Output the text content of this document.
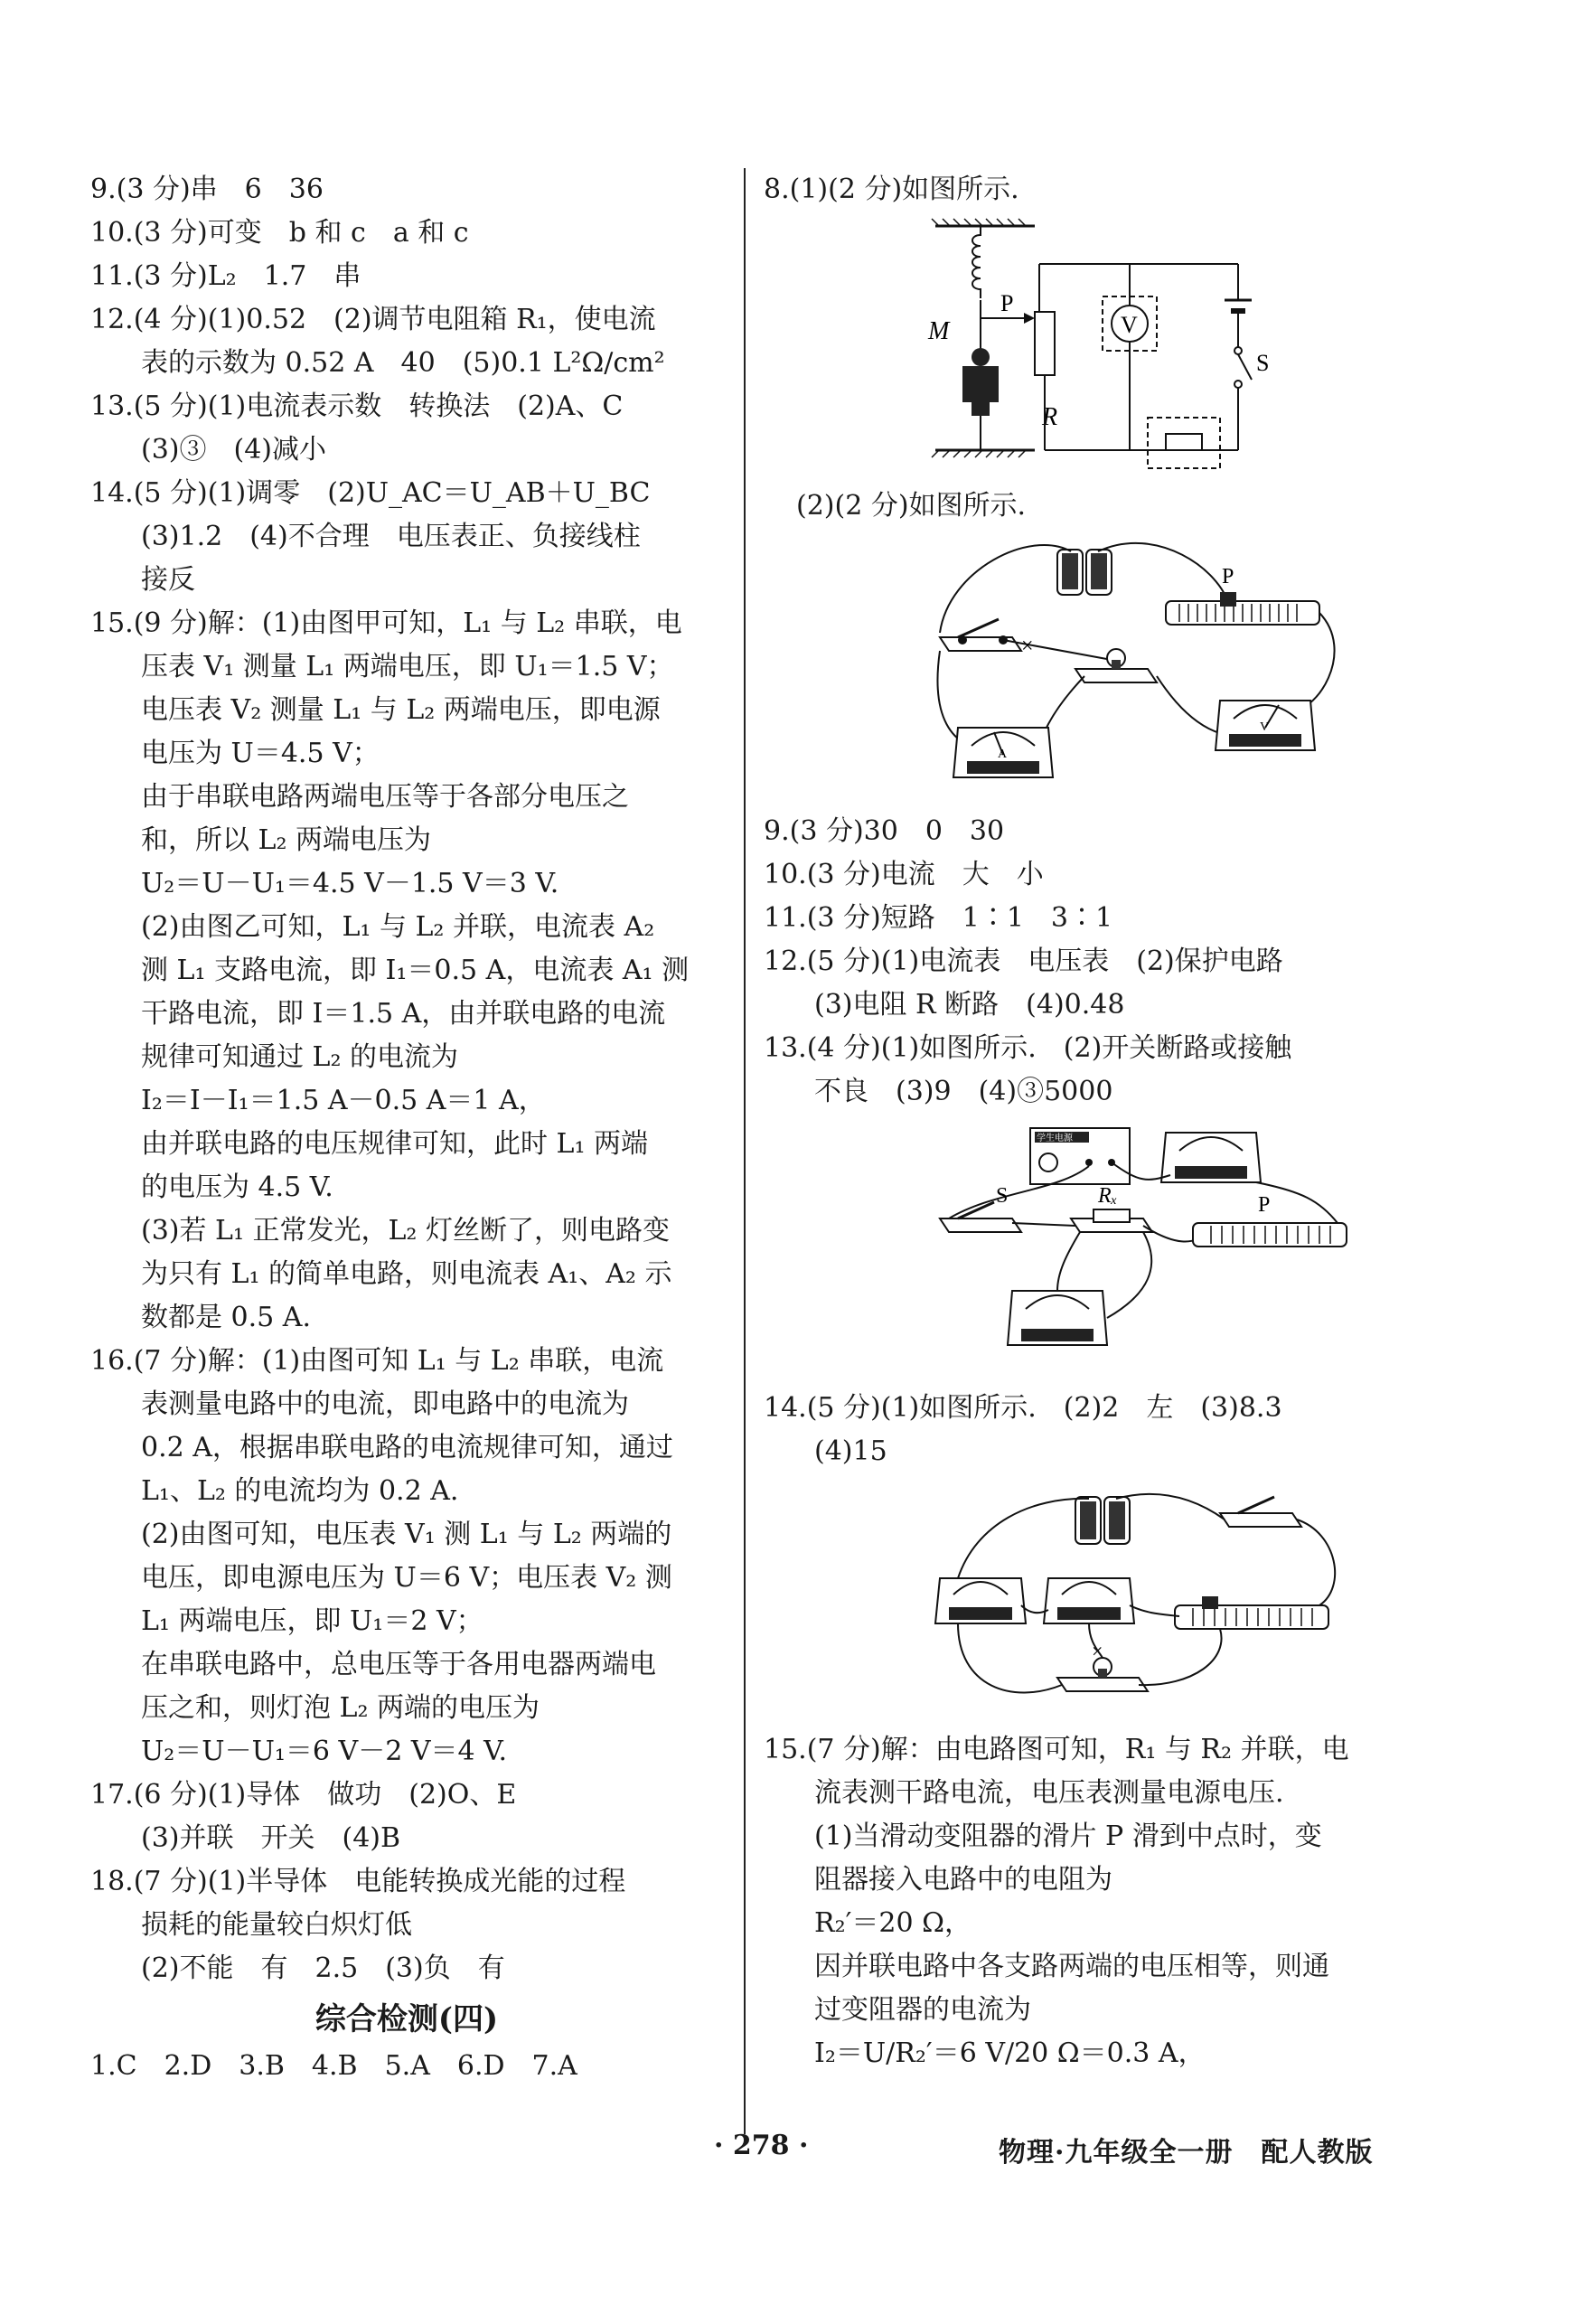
9.(3 分)串　6　36
10.(3 分)可变　b 和 c　a 和 c
11.(3 分)L₂　1.7　串
12.(4 分)(1)0.52　(2)调节电阻箱 R₁，使电流
表的示数为 0.52 A　40　(5)0.1 L²Ω/cm²
13.(5 分)(1)电流表示数　转换法　(2)A、C
(3)③　(4)减小
14.(5 分)(1)调零　(2)U_AC＝U_AB＋U_BC
(3)1.2　(4)不合理　电压表正、负接线柱
接反
15.(9 分)解：(1)由图甲可知，L₁ 与 L₂ 串联，电
压表 V₁ 测量 L₁ 两端电压，即 U₁＝1.5 V；
电压表 V₂ 测量 L₁ 与 L₂ 两端电压，即电源
电压为 U＝4.5 V；
由于串联电路两端电压等于各部分电压之
和，所以 L₂ 两端电压为
U₂＝U－U₁＝4.5 V－1.5 V＝3 V.
(2)由图乙可知，L₁ 与 L₂ 并联，电流表 A₂
测 L₁ 支路电流，即 I₁＝0.5 A，电流表 A₁ 测
干路电流，即 I＝1.5 A，由并联电路的电流
规律可知通过 L₂ 的电流为
I₂＝I－I₁＝1.5 A－0.5 A＝1 A，
由并联电路的电压规律可知，此时 L₁ 两端
的电压为 4.5 V.
(3)若 L₁ 正常发光，L₂ 灯丝断了，则电路变
为只有 L₁ 的简单电路，则电流表 A₁、A₂ 示
数都是 0.5 A.
16.(7 分)解：(1)由图可知 L₁ 与 L₂ 串联，电流
表测量电路中的电流，即电路中的电流为
0.2 A，根据串联电路的电流规律可知，通过
L₁、L₂ 的电流均为 0.2 A.
(2)由图可知，电压表 V₁ 测 L₁ 与 L₂ 两端的
电压，即电源电压为 U＝6 V；电压表 V₂ 测
L₁ 两端电压，即 U₁＝2 V；
在串联电路中，总电压等于各用电器两端电
压之和，则灯泡 L₂ 两端的电压为
U₂＝U－U₁＝6 V－2 V＝4 V.
17.(6 分)(1)导体　做功　(2)O、E
(3)并联　开关　(4)B
18.(7 分)(1)半导体　电能转换成光能的过程
损耗的能量较白炽灯低
(2)不能　有　2.5　(3)负　有
综合检测(四)
1.C　2.D　3.B　4.B　5.A　6.D　7.A
8.(1)(2 分)如图所示.
M
P
R
V
S
(2)(2 分)如图所示.
×
P
A
V
9.(3 分)30　0　30
10.(3 分)电流　大　小
11.(3 分)短路　1∶1　3∶1
12.(5 分)(1)电流表　电压表　(2)保护电路
(3)电阻 R 断路　(4)0.48
13.(4 分)(1)如图所示.　(2)开关断路或接触
不良　(3)9　(4)③5000
学生电源
S	Rₓ	P
14.(5 分)(1)如图所示.　(2)2　左　(3)8.3
(4)15
×
15.(7 分)解：由电路图可知，R₁ 与 R₂ 并联，电
流表测干路电流，电压表测量电源电压.
(1)当滑动变阻器的滑片 P 滑到中点时，变
阻器接入电路中的电阻为
R₂′＝20 Ω，
因并联电路中各支路两端的电压相等，则通
过变阻器的电流为
I₂＝U/R₂′＝6 V/20 Ω＝0.3 A，
· 278 ·	物理·九年级全一册　配人教版
